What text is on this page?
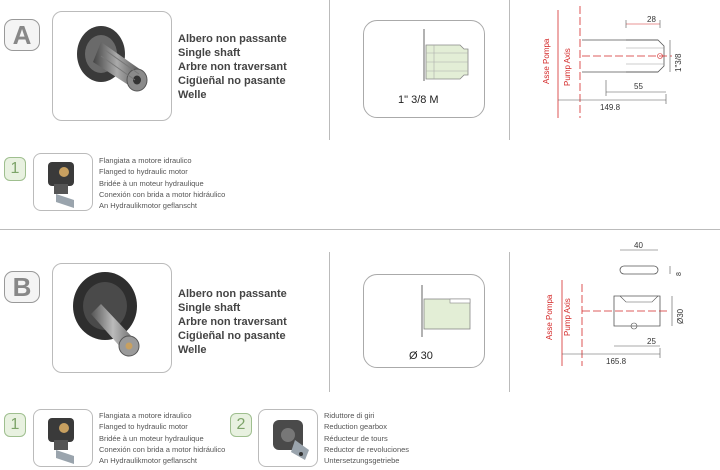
A	Albero non passante
Single shaft
Arbre non traversant
Cigüeñal no pasante
Welle	1" 3/8 M
Asse Pompa Pump Axis
28
1"3/8
55
149.8
1	Flangiata a motore idraulico
Flanged to hydraulic motor
Bridée à un moteur hydraulique
Conexión con brida a motor hidráulico
An Hydraulikmotor geflanscht
B	Albero non passante
Single shaft
Arbre non traversant
Cigüeñal no pasante
Welle	Ø 30
40
8
Asse Pompa Pump Axis	Ø30
25
165.8
1
Flangiata a motore idraulico
Flanged to hydraulic motor
Bridée à un moteur hydraulique
Conexión con brida a motor hidráulico
An Hydraulikmotor geflanscht
2
Riduttore di giri
Reduction gearbox
Réducteur de tours
Reductor de revoluciones
Untersetzungsgetriebe
